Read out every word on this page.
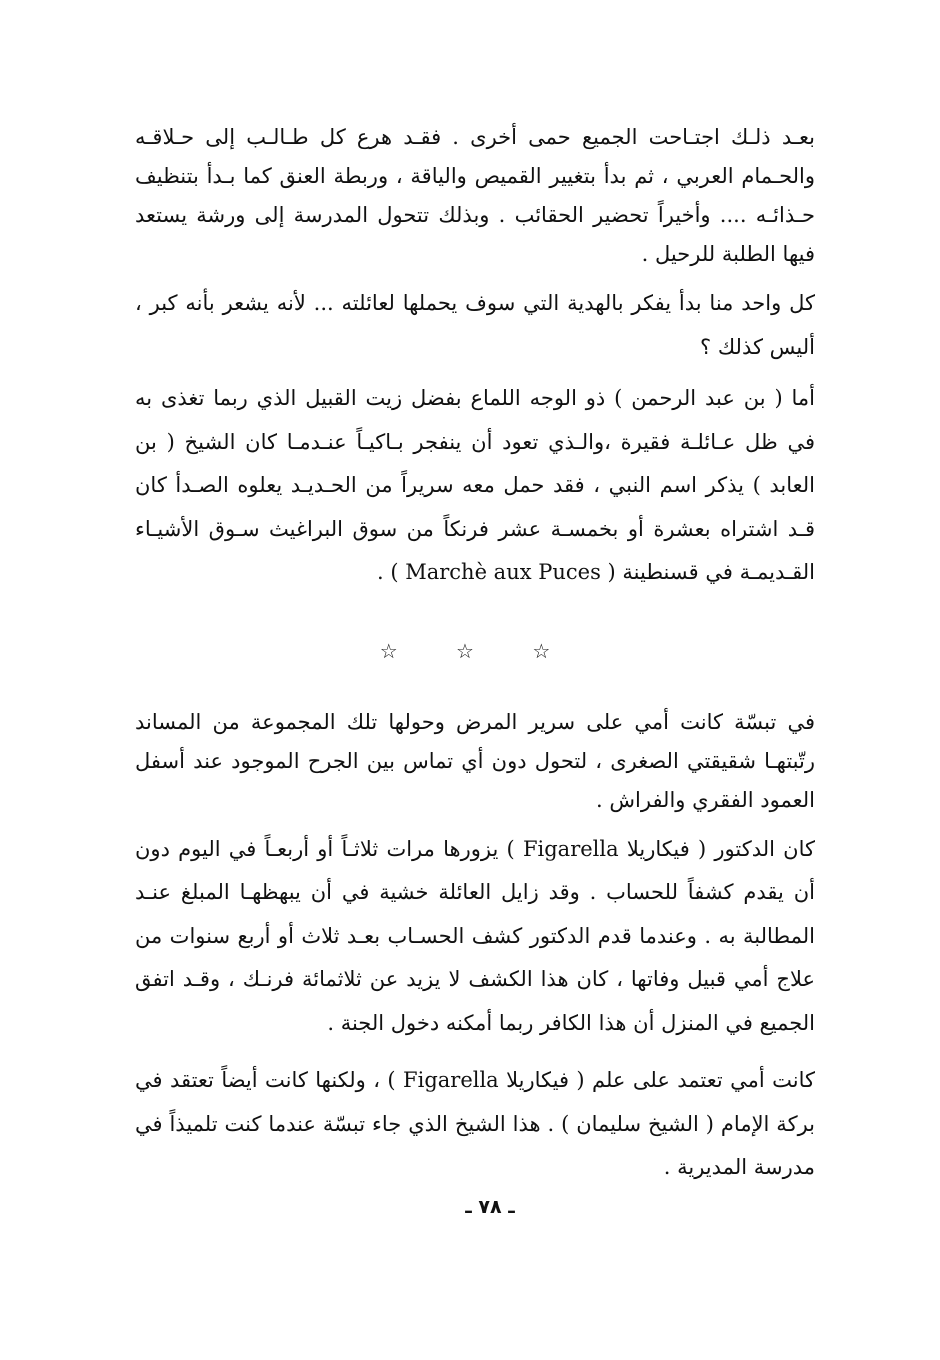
بعـد ذلـك اجتـاحت الجميع حمى أخرى . فقـد هرع كل طـالـب إلى حـلاقـه والحـمام العربي ، ثم بدأ بتغيير القميص والياقة ، وربطة العنق كما بـدأ بتنظيف حـذائـه .... وأخيراً تحضير الحقائب . وبذلك تتحول المدرسة إلى ورشة يستعد فيها الطلبة للرحيل .

كل واحد منا بدأ يفكر بالهدية التي سوف يحملها لعائلته ... لأنه يشعر بأنه كبر ، أليس كذلك ؟

أما ( بن عبد الرحمن ) ذو الوجه اللماع بفضل زيت القبيل الذي ربما تغذى به في ظل عـائلـة فقيرة ،والـذي تعود أن ينفجر بـاكيـاً عنـدمـا كان الشيخ ( بن العابد ) يذكر اسم النبي ، فقد حمل معه سريراً من الحـديـد يعلوه الصـدأ كان قـد اشتراه بعشرة أو بخمسـة عشر فرنكاً من سوق البراغيث سـوق الأشيـاء القـديمـة في قسنطينة ( Marchè aux Puces ) .

☆	☆	☆

في تبسّة كانت أمي على سرير المرض وحولها تلك المجموعة من المساند رتّبتهـا شقيقتي الصغرى ، لتحول دون أي تماس بين الجرح الموجود عند أسفل العمود الفقري والفراش .

كان الدكتور ( فيكاريلا Figarella ) يزورها مرات ثلاثـاً أو أربعـاً في اليوم دون أن يقدم كشفاً للحساب . وقد زايل العائلة خشية في أن يبهظهـا المبلغ عنـد المطالبة به . وعندما قدم الدكتور كشف الحسـاب بعـد ثلاث أو أربع سنوات من علاج أمي قبيل وفاتها ، كان هذا الكشف لا يزيد عن ثلاثمائة فرنـك ، وقـد اتفق الجميع في المنزل أن هذا الكافر ربما أمكنه دخول الجنة .

كانت أمي تعتمد على علم ( فيكاريلا Figarella ) ، ولكنها كانت أيضاً تعتقد في بركة الإمام ( الشيخ سليمان ) . هذا الشيخ الذي جاء تبسّة عندما كنت تلميذاً في مدرسة المديرية .

ـ ٧٨ ـ
